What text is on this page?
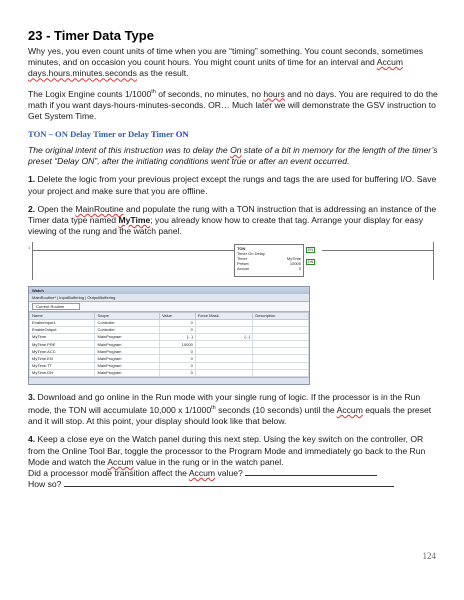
23 - Timer Data Type

Why yes, you even count units of time when you are “timing” something. You count seconds, sometimes minutes, and on occasion you count hours. You might count units of time for an interval and Accum days.hours.minutes.seconds as the result.

The Logix Engine counts 1/1000th of seconds, no minutes, no hours and no days. You are required to do the math if you want days-hours-minutes-seconds. OR… Much later we will demonstrate the GSV instruction to Get System Time.

TON – ON Delay Timer or Delay Timer ON

The original intent of this instruction was to delay the On state of a bit in memory for the length of the timer’s preset “Delay ON”, after the initiating conditions went true or after an event occurred.

1. Delete the logic from your previous project except the rungs and tags the are used for buffering I/O. Save your project and make sure that you are offline.

2. Open the MainRoutine and populate the rung with a TON instruction that is addressing an instance of the Timer data type named MyTime; you already know how to create that tag. Arrange your display for easy viewing of the rung and the watch panel.

1	TON
Timer On Delay
Timer	MyTime
Preset	10000
Accum	0
EN
DN
Watch
MainRoutine* | InputBuffering | OutputBuffering
Current Routine
Name	Scope	Value	Force Mask	Description
EnableInput1	Controller	0		
EnableOutput	Controller	0		
MyTime	MainProgram	{...}	{...}	
MyTime.PRE	MainProgram	10000		
MyTime.ACC	MainProgram	0		
MyTime.EN	MainProgram	0		
MyTime.TT	MainProgram	0		
MyTime.DN	MainProgram	0		

3. Download and go online in the Run mode with your single rung of logic. If the processor is in the Run mode, the TON will accumulate 10,000 x 1/1000th seconds (10 seconds) until the Accum equals the preset and it will stop. At this point, your display should look like that below.

4. Keep a close eye on the Watch panel during this next step. Using the key switch on the controller, OR from the Online Tool Bar, toggle the processor to the Program Mode and immediately go back to the Run Mode and watch the Accum value in the rung or in the watch panel.

Did a processor mode transition affect the Accum value?

How so?

124
